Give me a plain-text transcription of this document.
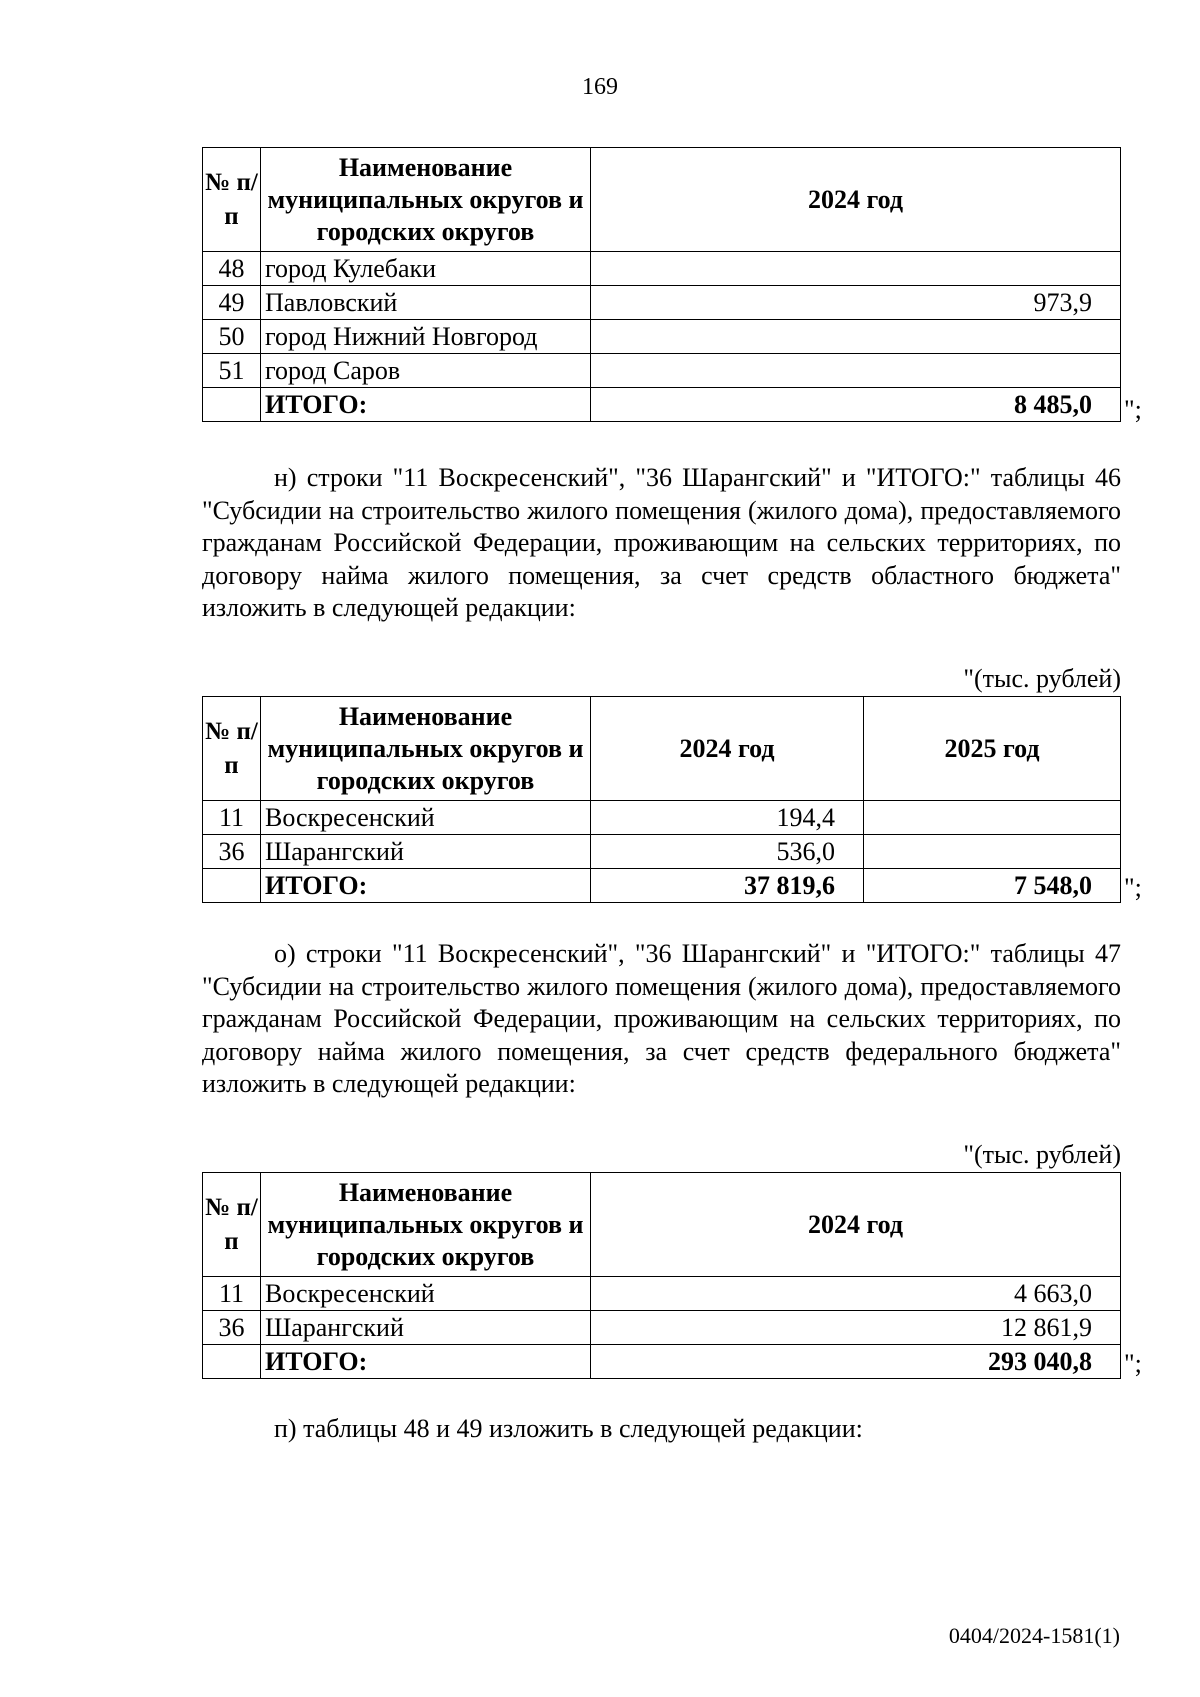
169
№ п/п	Наименование муниципальных округов и городских округов	2024 год
48	город Кулебаки	
49	Павловский	973,9
50	город Нижний Новгород	
51	город Саров	
	ИТОГО:	8 485,0 ";
н) строки "11 Воскресенский", "36 Шарангский" и "ИТОГО:" таблицы 46 "Субсидии на строительство жилого помещения (жилого дома), предоставляемого гражданам Российской Федерации, проживающим на сельских территориях, по договору найма жилого помещения, за счет средств областного бюджета" изложить в следующей редакции:
"(тыс. рублей)
№ п/п	Наименование муниципальных округов и городских округов	2024 год	2025 год
11	Воскресенский	194,4	
36	Шарангский	536,0	
	ИТОГО:	37 819,6	7 548,0 ";
о) строки "11 Воскресенский", "36 Шарангский" и "ИТОГО:" таблицы 47 "Субсидии на строительство жилого помещения (жилого дома), предоставляемого гражданам Российской Федерации, проживающим на сельских территориях, по договору найма жилого помещения, за счет средств федерального бюджета" изложить в следующей редакции:
"(тыс. рублей)
№ п/п	Наименование муниципальных округов и городских округов	2024 год
11	Воскресенский	4 663,0
36	Шарангский	12 861,9
	ИТОГО:	293 040,8 ";
п) таблицы 48 и 49 изложить в следующей редакции:
0404/2024-1581(1)
